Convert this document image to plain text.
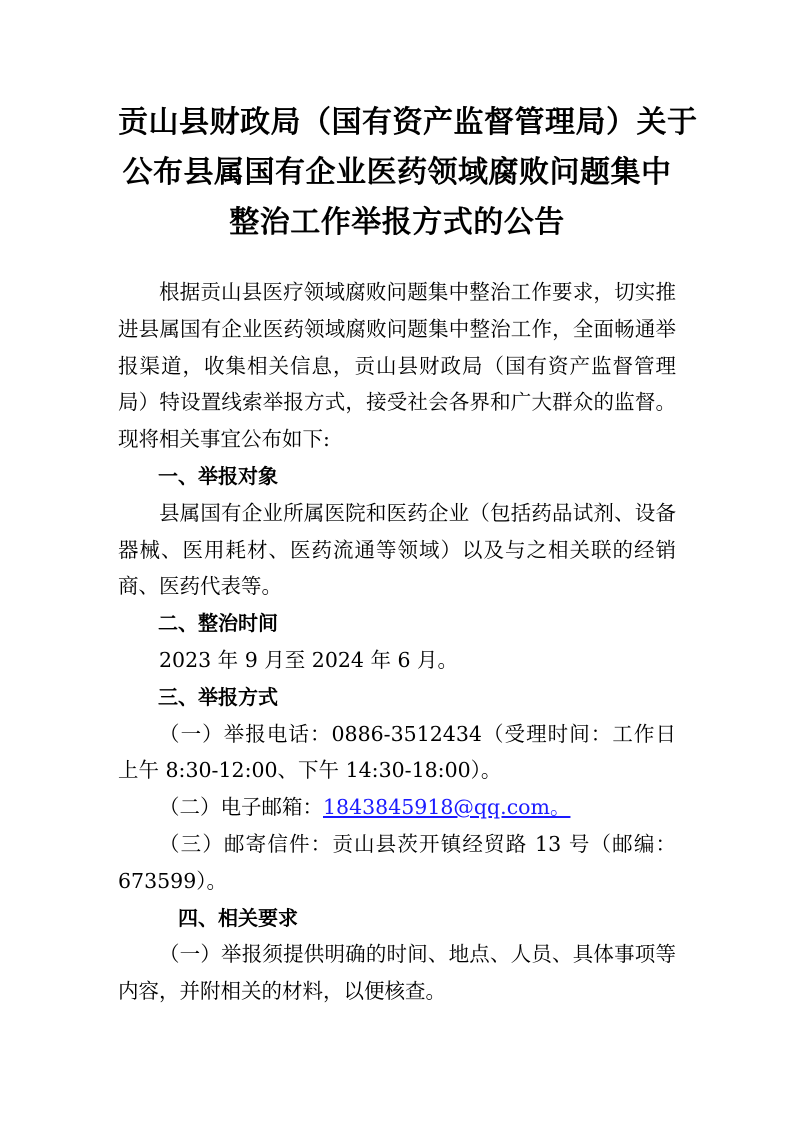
贡山县财政局（国有资产监督管理局）关于
公布县属国有企业医药领域腐败问题集中
整治工作举报方式的公告

根据贡山县医疗领域腐败问题集中整治工作要求，切实推进县属国有企业医药领域腐败问题集中整治工作，全面畅通举报渠道，收集相关信息，贡山县财政局（国有资产监督管理局）特设置线索举报方式，接受社会各界和广大群众的监督。现将相关事宜公布如下:

一、举报对象

县属国有企业所属医院和医药企业（包括药品试剂、设备器械、医用耗材、医药流通等领域）以及与之相关联的经销商、医药代表等。

二、整治时间

2023 年 9 月至 2024 年 6 月。

三、举报方式

（一）举报电话：0886-3512434（受理时间：工作日上午 8:30-12:00、下午 14:30-18:00）。

（二）电子邮箱：1843845918@qq.com。

（三）邮寄信件：贡山县茨开镇经贸路 13 号（邮编：673599）。

四、相关要求

（一）举报须提供明确的时间、地点、人员、具体事项等内容，并附相关的材料，以便核查。
